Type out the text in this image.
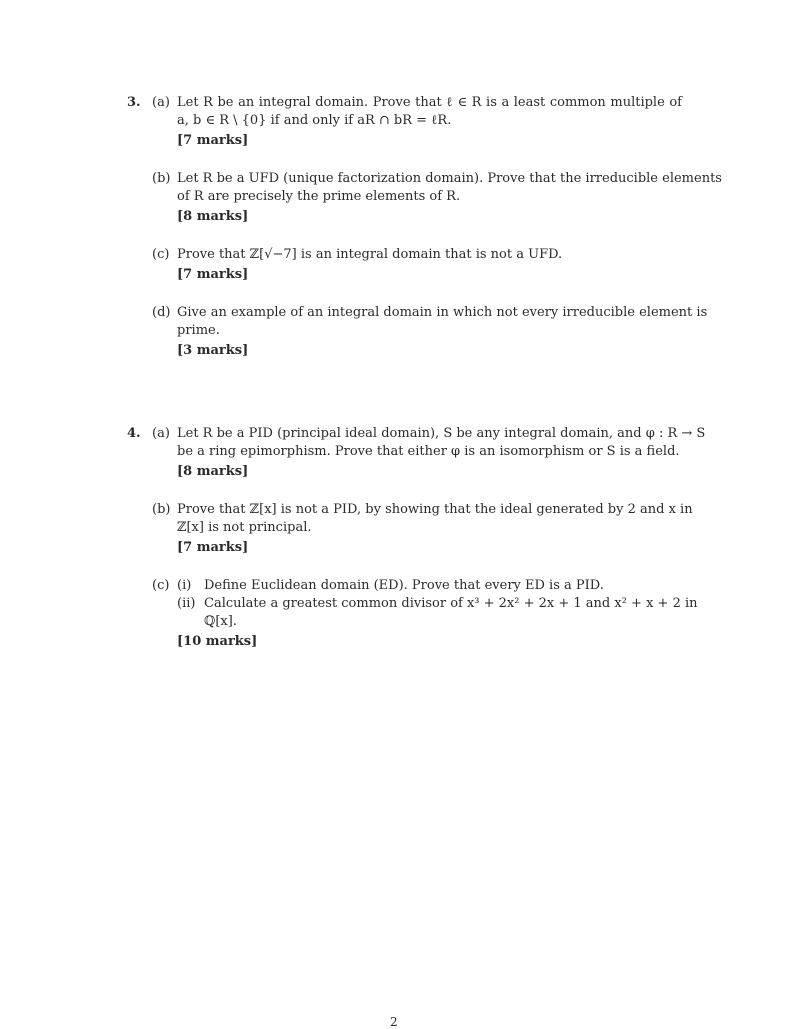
3. (a) Let R be an integral domain. Prove that ℓ ∈ R is a least common multiple of
a, b ∈ R \ {0} if and only if aR ∩ bR = ℓR.
[7 marks]
(b) Let R be a UFD (unique factorization domain). Prove that the irreducible elements
of R are precisely the prime elements of R.
[8 marks]
(c) Prove that ℤ[√−7] is an integral domain that is not a UFD.
[7 marks]
(d) Give an example of an integral domain in which not every irreducible element is
prime.
[3 marks]
4. (a) Let R be a PID (principal ideal domain), S be any integral domain, and φ : R → S
be a ring epimorphism. Prove that either φ is an isomorphism or S is a field.
[8 marks]
(b) Prove that ℤ[x] is not a PID, by showing that the ideal generated by 2 and x in
ℤ[x] is not principal.
[7 marks]
(c) (i) Define Euclidean domain (ED). Prove that every ED is a PID.
(ii) Calculate a greatest common divisor of x³ + 2x² + 2x + 1 and x² + x + 2 in
ℚ[x].
[10 marks]
2
